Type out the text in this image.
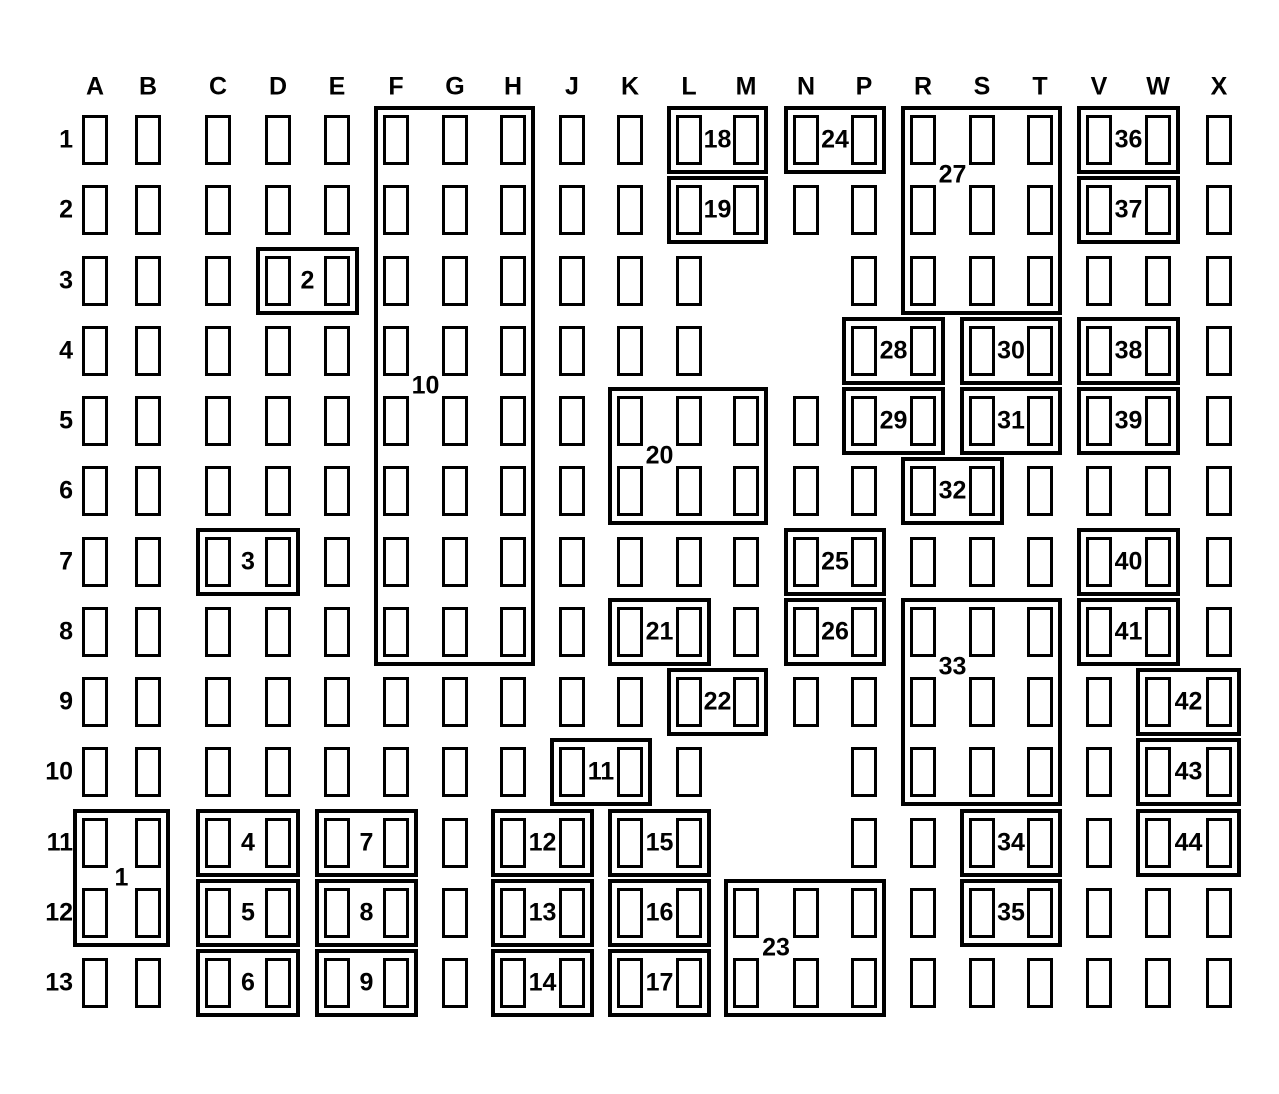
A B C D E F G H J K L M N P R S T V W X
1
2
3
4
5
6
7
8
9
10
11
12
13
1
2
3
4
5
6
7
8
9
10
11
12
13
14
15
16
17
18
19
20
21
22
23
24
25
26
27
28
29
30
31
32
33
34
35
36
37
38
39
40
41
42
43
44
